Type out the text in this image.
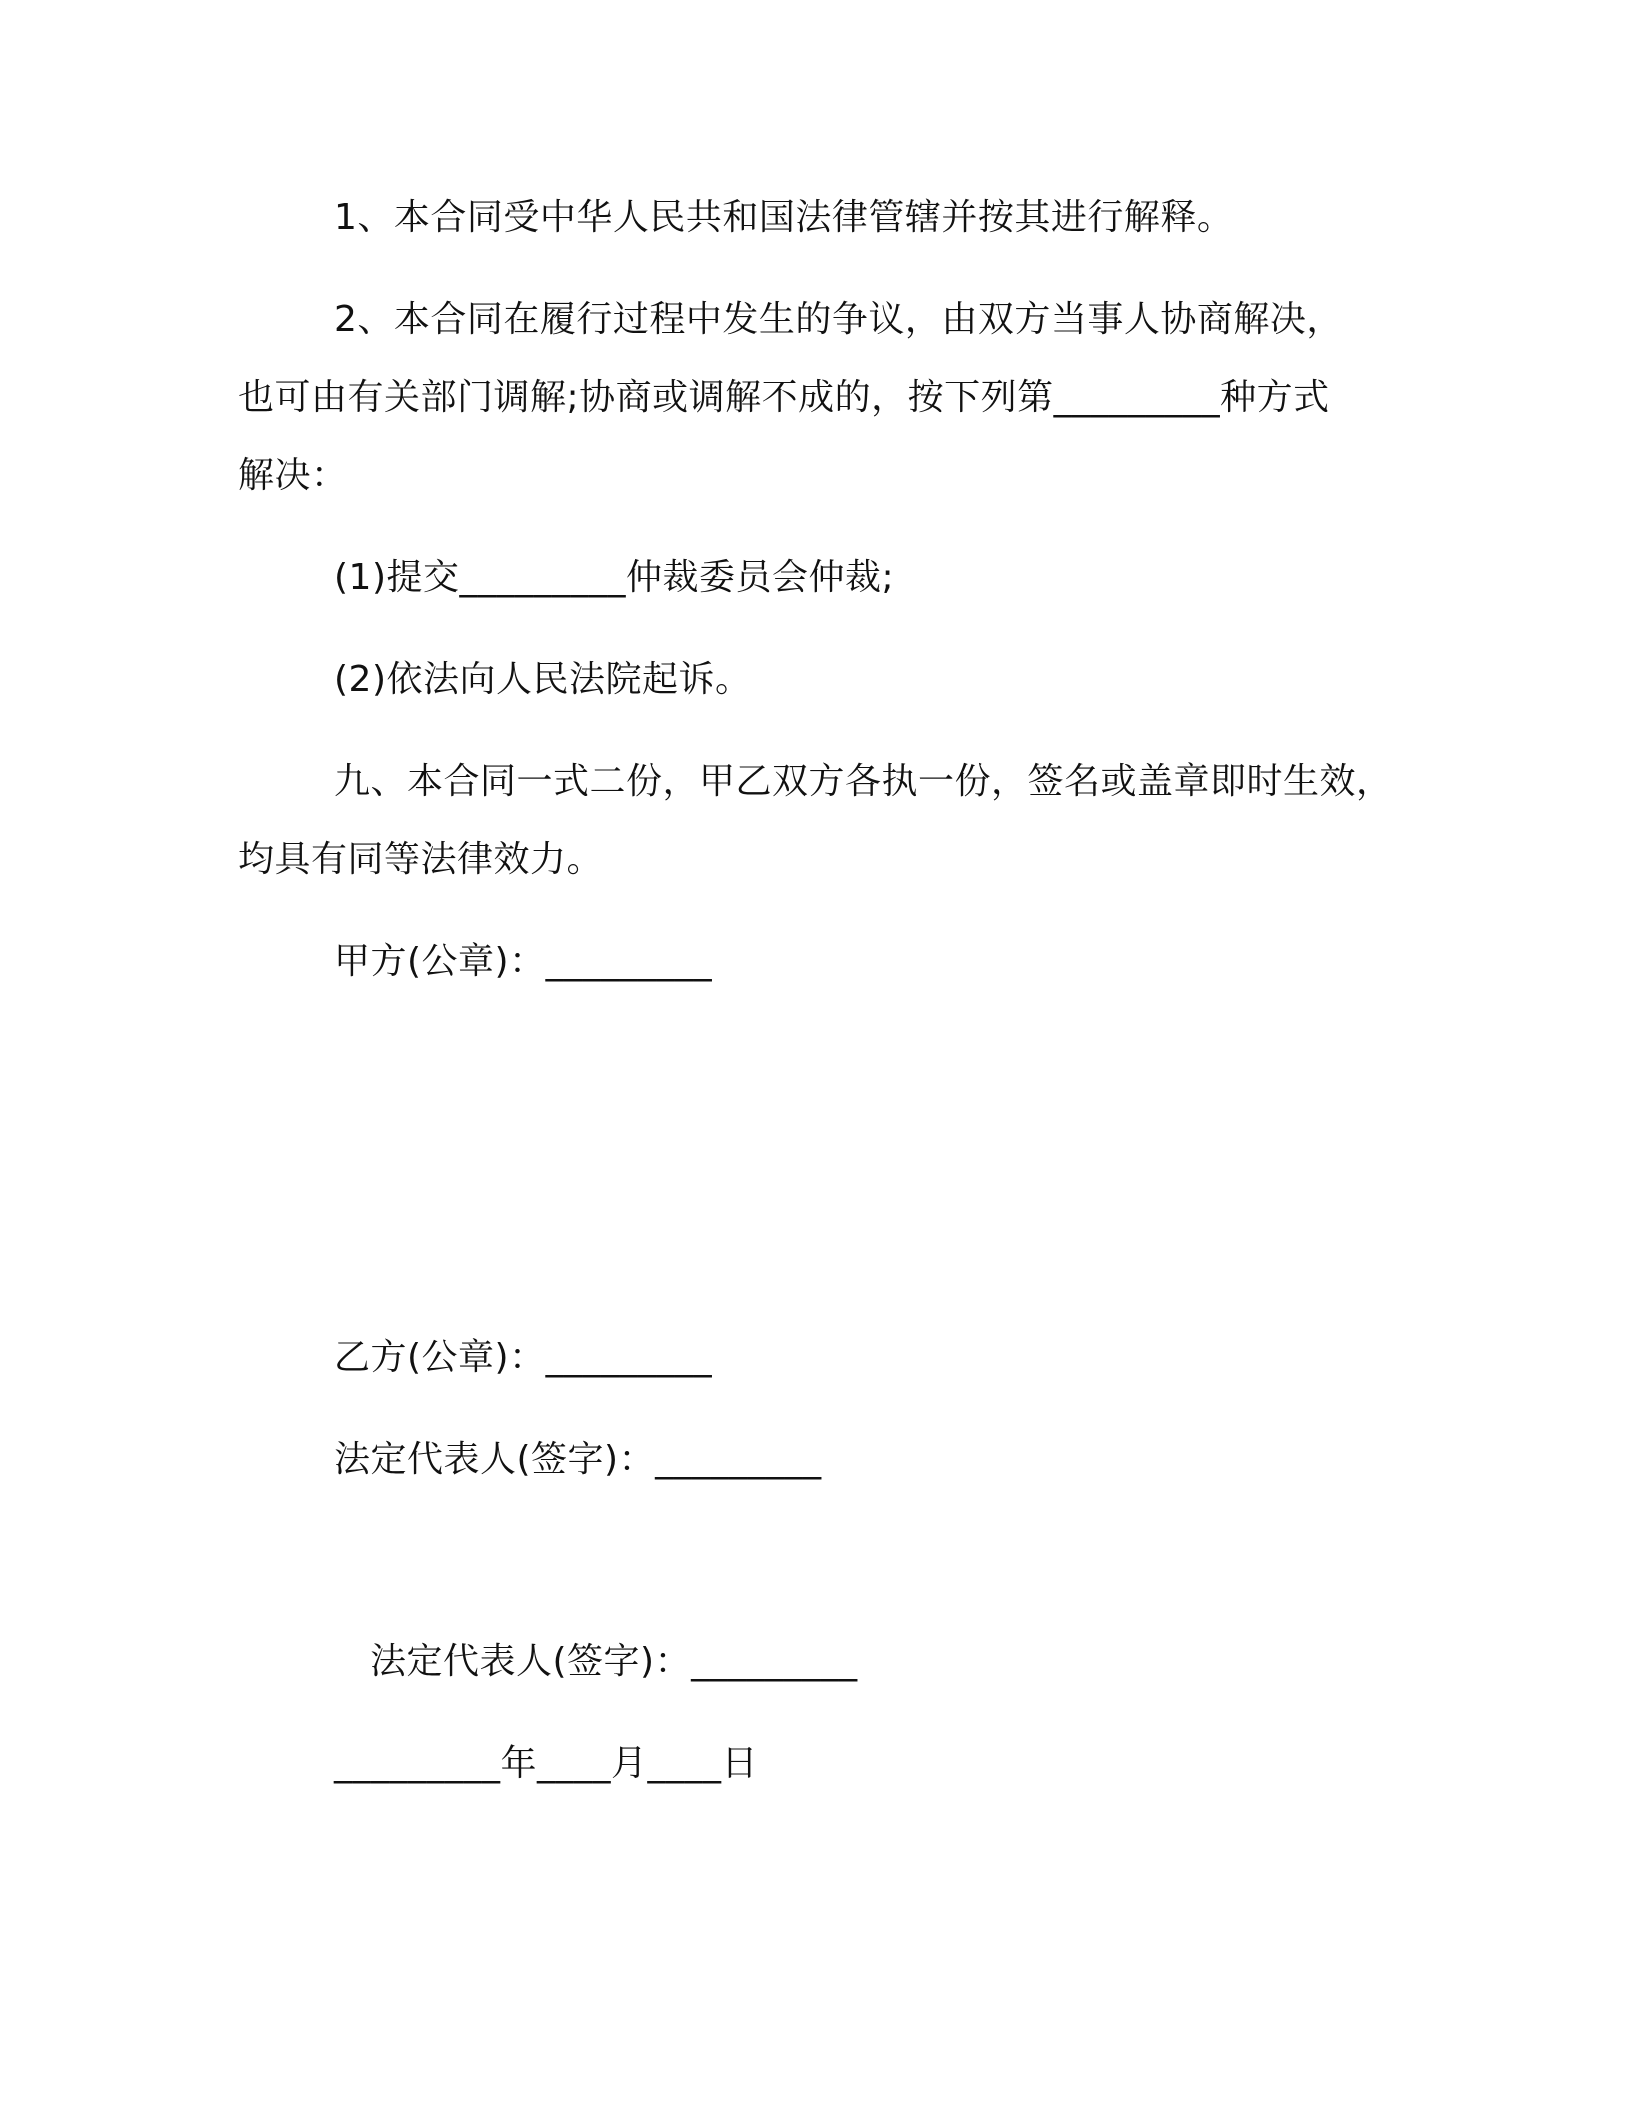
1、本合同受中华人民共和国法律管辖并按其进行解释。
2、本合同在履行过程中发生的争议，由双方当事人协商解决，
也可由有关部门调解;协商或调解不成的，按下列第_________种方式
解决：
(1)提交_________仲裁委员会仲裁;
(2)依法向人民法院起诉。
九、本合同一式二份，甲乙双方各执一份，签名或盖章即时生效，
均具有同等法律效力。
甲方(公章)：_________
乙方(公章)：_________
法定代表人(签字)：_________
法定代表人(签字)：_________
_________年____月____日
